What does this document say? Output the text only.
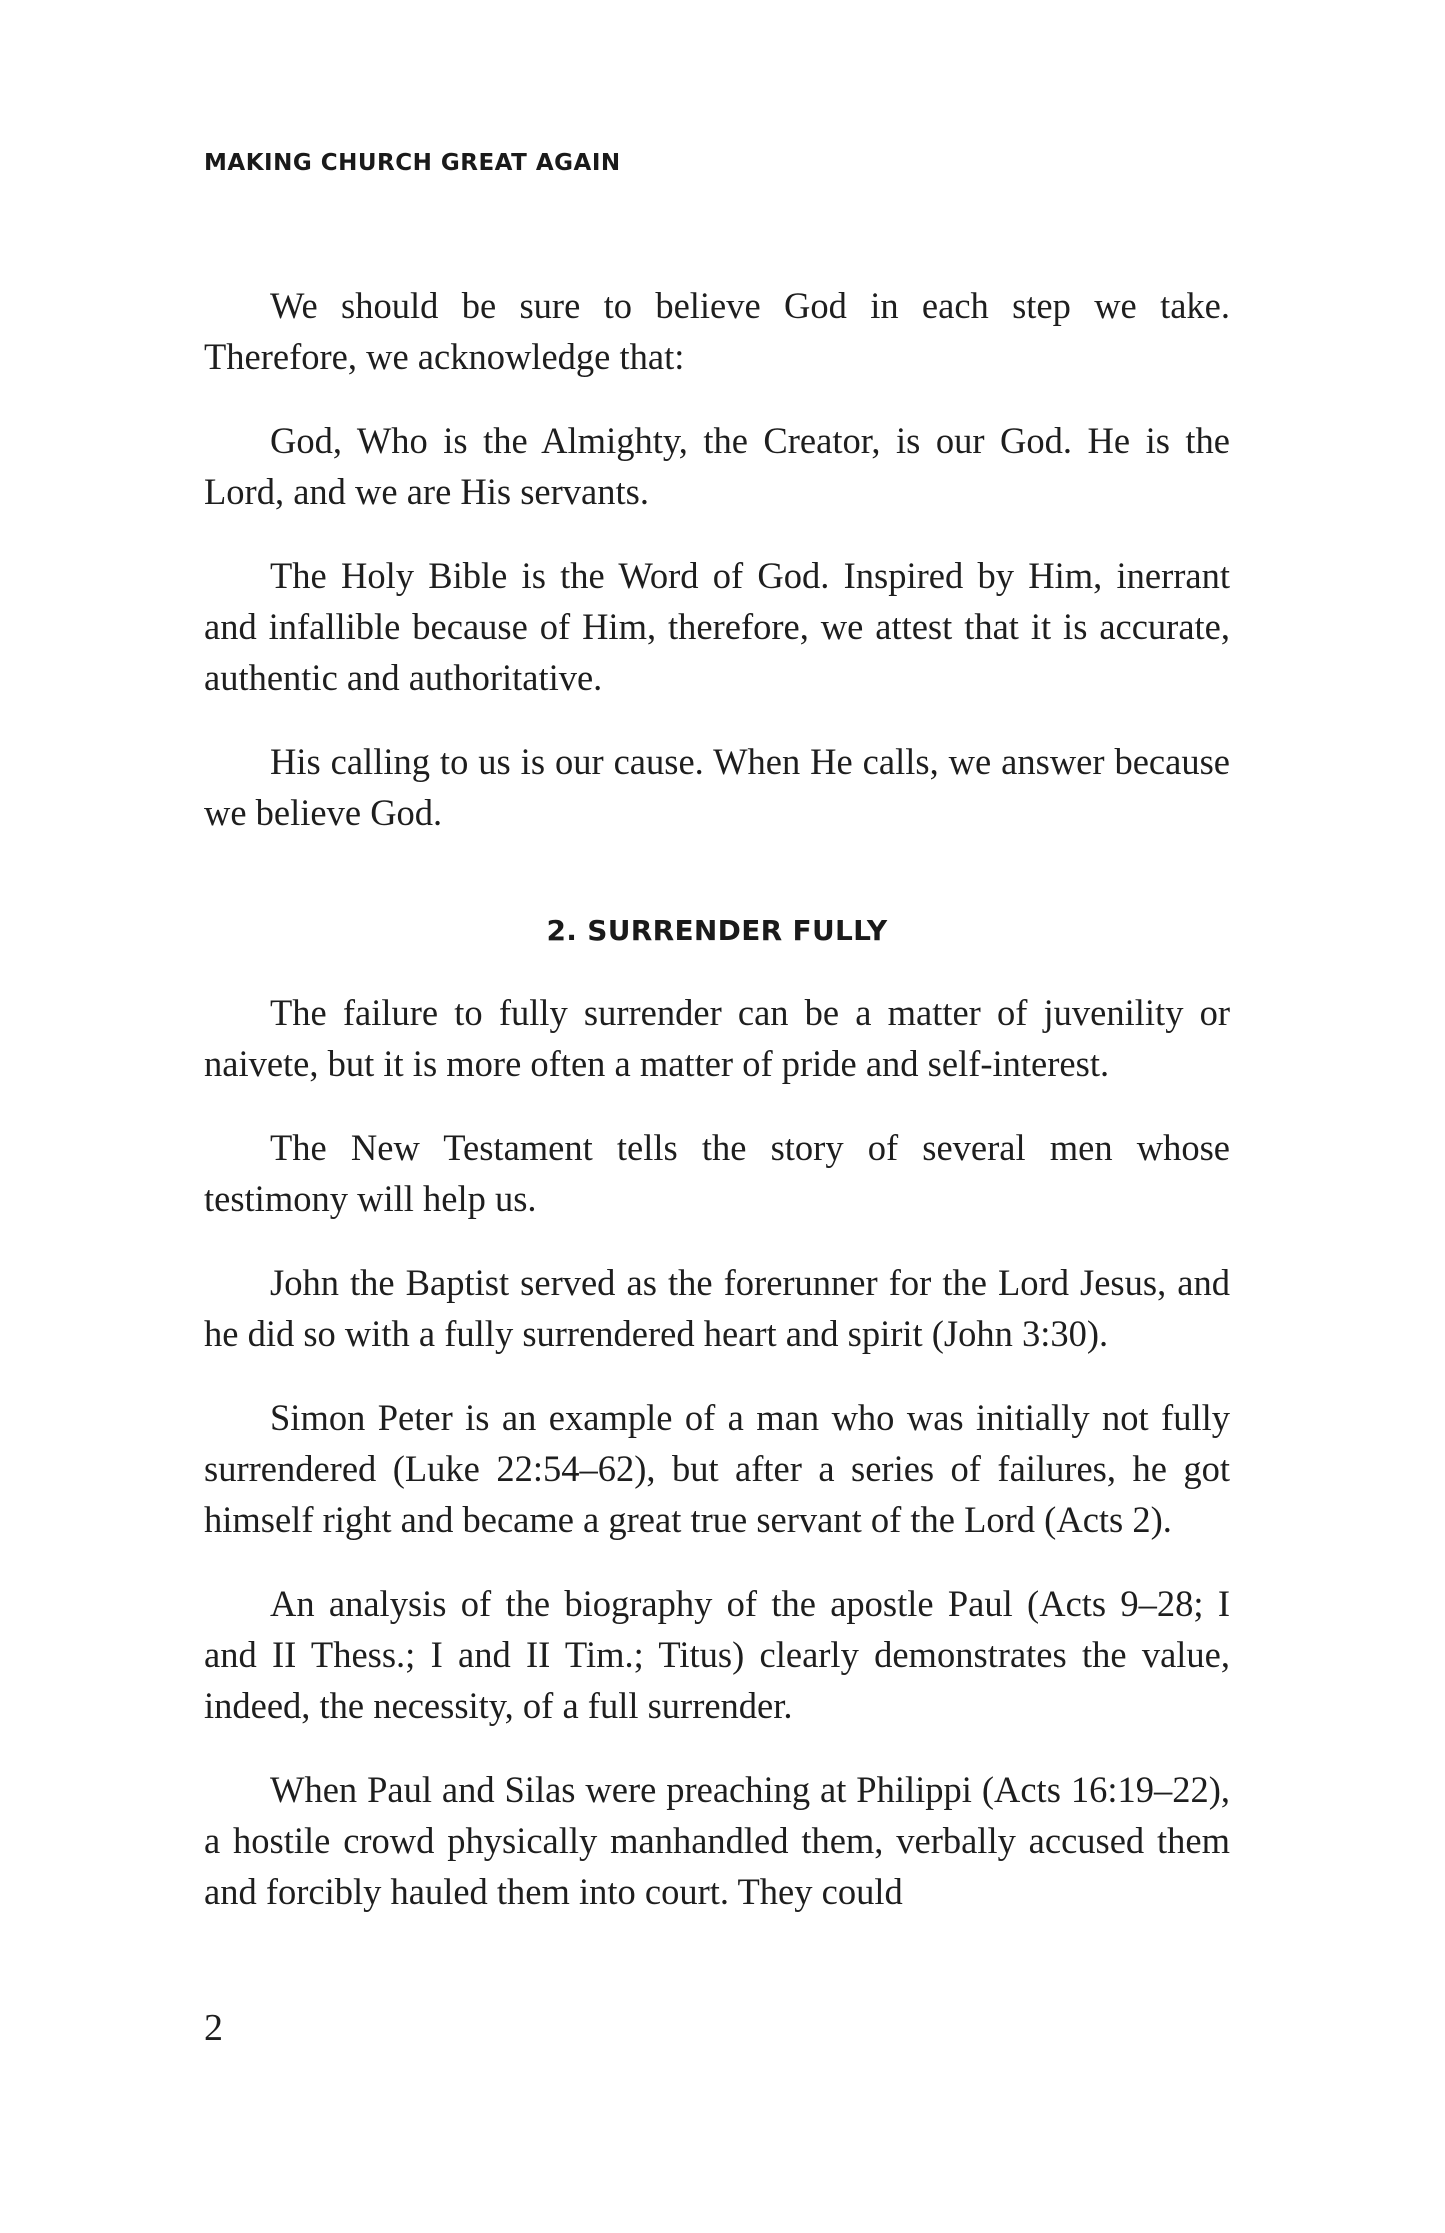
MAKING CHURCH GREAT AGAIN

We should be sure to believe God in each step we take. Therefore, we acknowledge that:

God, Who is the Almighty, the Creator, is our God. He is the Lord, and we are His servants.

The Holy Bible is the Word of God. Inspired by Him, inerrant and infallible because of Him, therefore, we attest that it is accurate, authentic and authoritative.

His calling to us is our cause. When He calls, we answer because we believe God.

2. SURRENDER FULLY

The failure to fully surrender can be a matter of juvenility or naivete, but it is more often a matter of pride and self-interest.

The New Testament tells the story of several men whose testimony will help us.

John the Baptist served as the forerunner for the Lord Jesus, and he did so with a fully surrendered heart and spirit (John 3:30).

Simon Peter is an example of a man who was initially not fully surrendered (Luke 22:54–62), but after a series of failures, he got himself right and became a great true servant of the Lord (Acts 2).

An analysis of the biography of the apostle Paul (Acts 9–28; I and II Thess.; I and II Tim.; Titus) clearly demonstrates the value, indeed, the necessity, of a full surrender.

When Paul and Silas were preaching at Philippi (Acts 16:19–22), a hostile crowd physically manhandled them, verbally accused them and forcibly hauled them into court. They could

2
